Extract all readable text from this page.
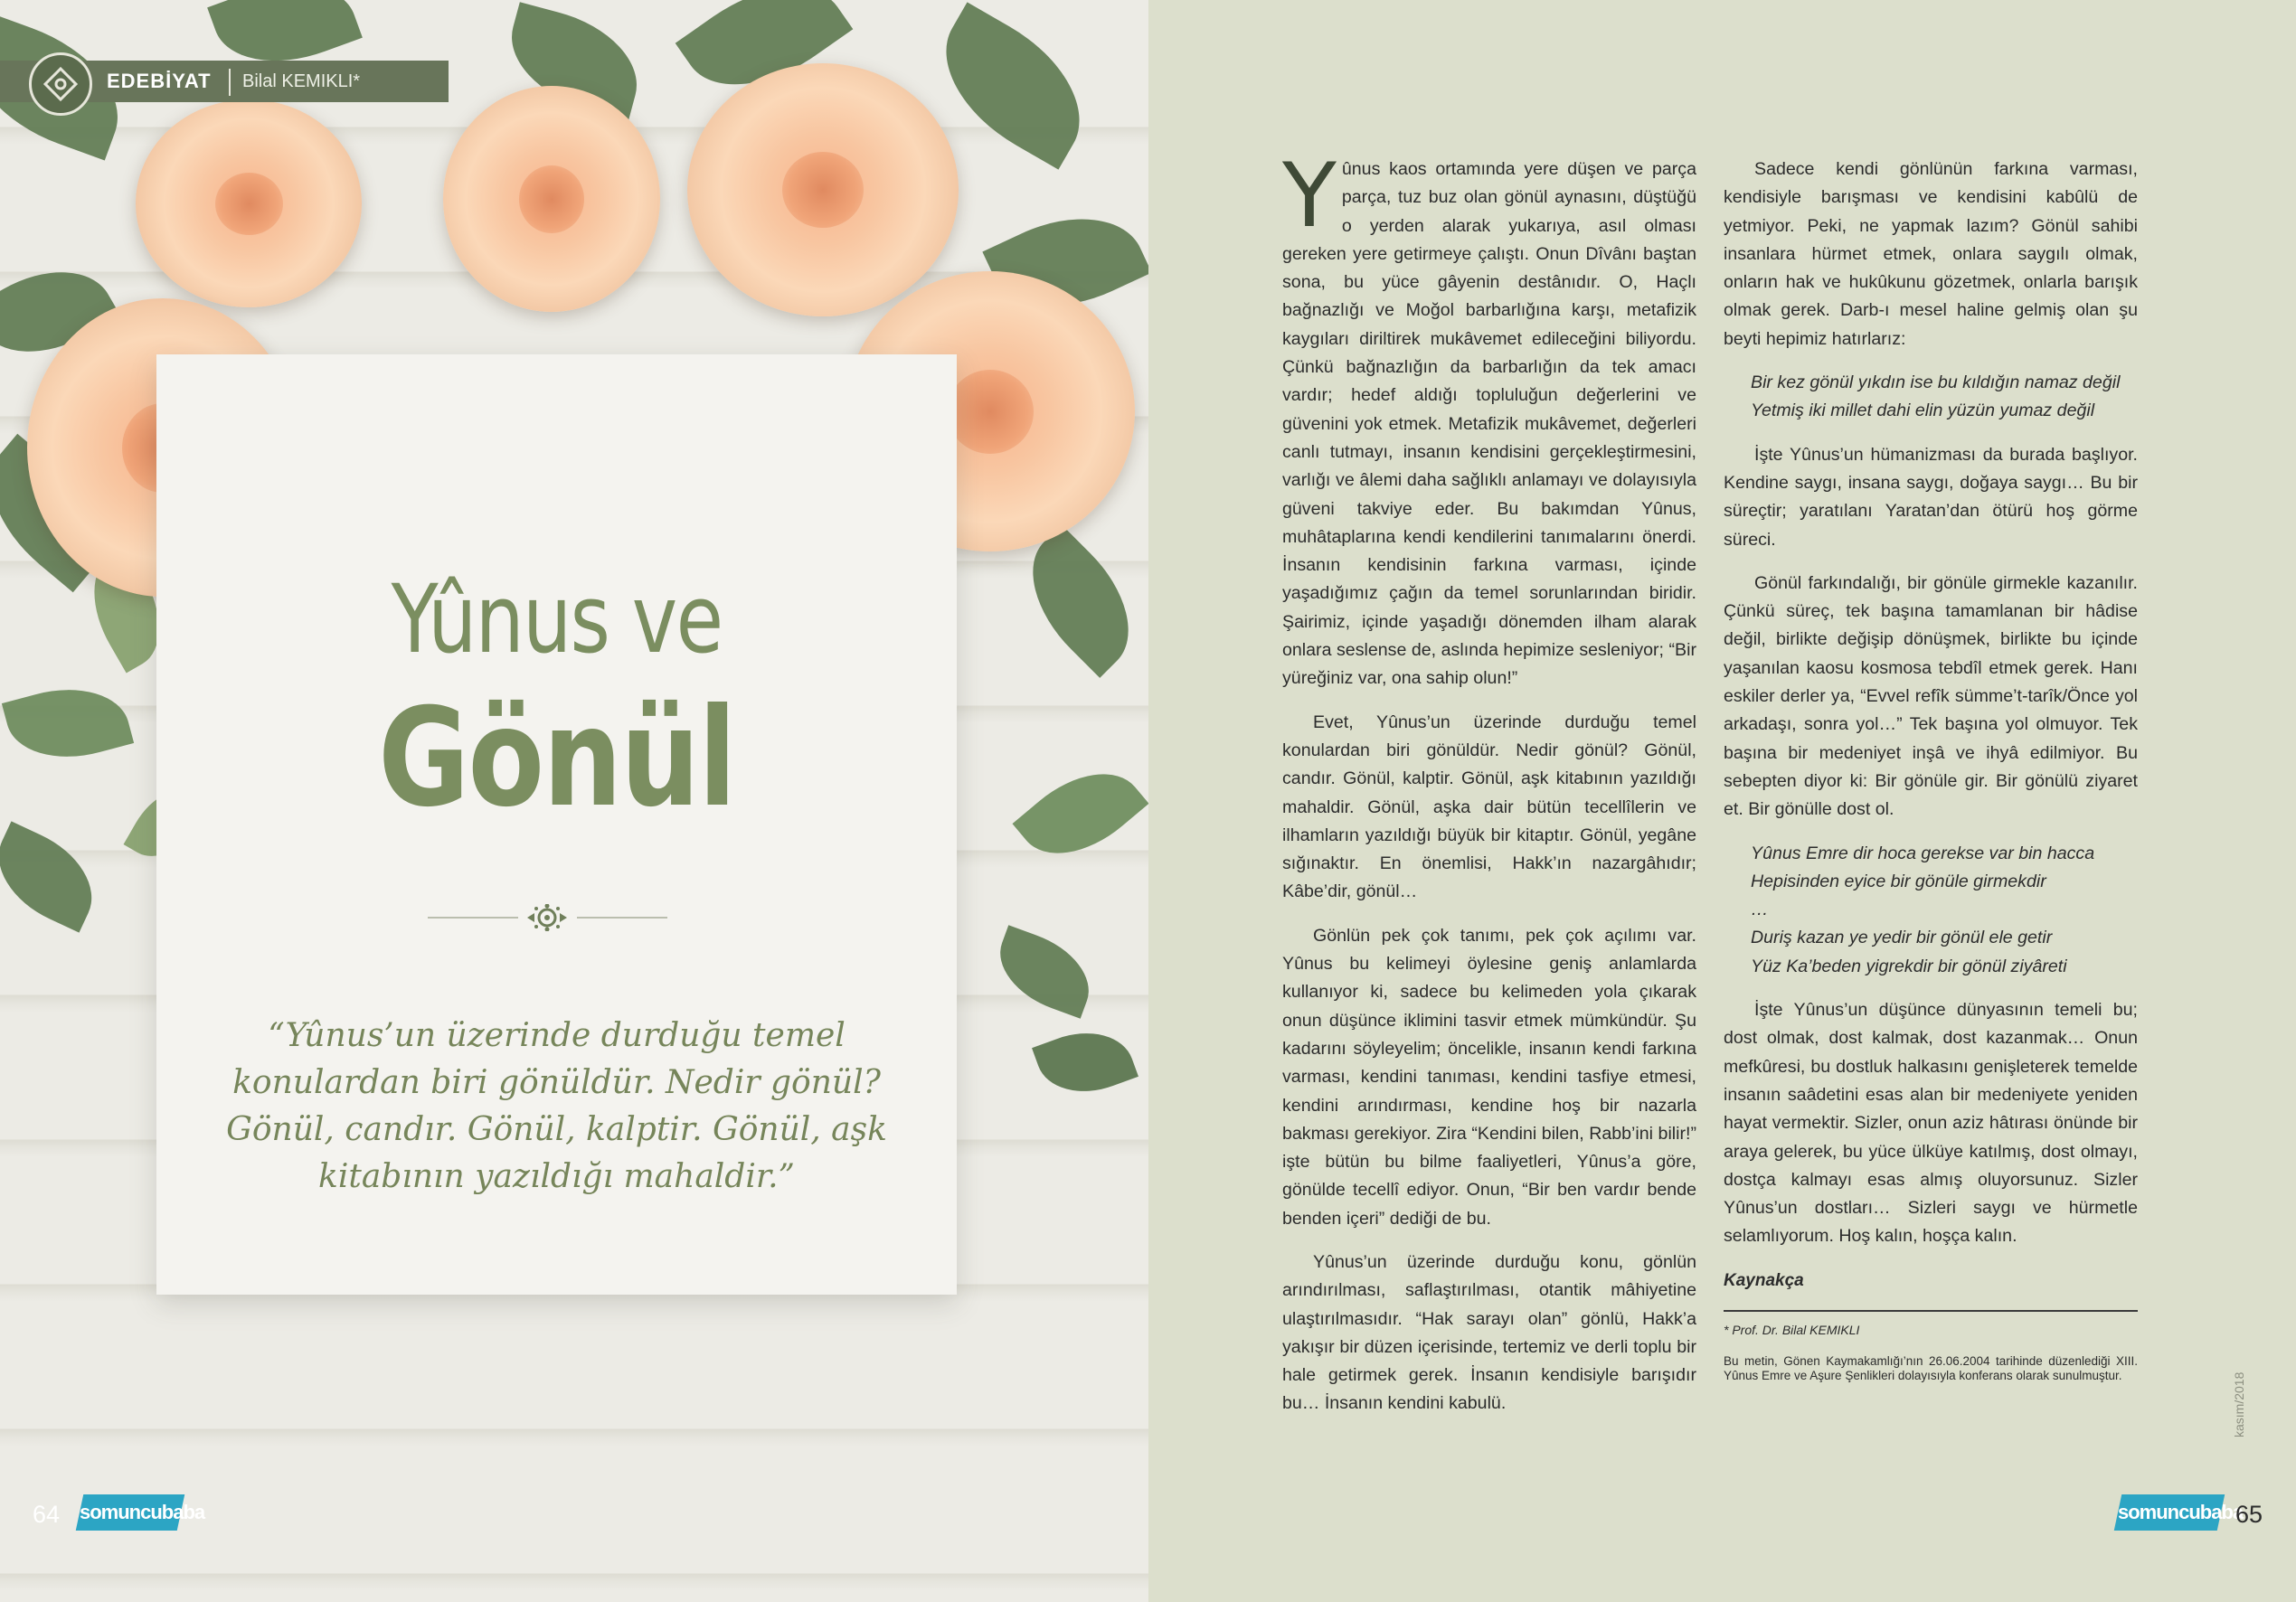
Yûnus ve
Gönül
“Yûnus’un üzerinde durduğu temel konulardan biri gönüldür. Nedir gönül? Gönül, candır. Gönül, kalptir. Gönül, aşk kitabının yazıldığı mahaldir.”
EDEBİYAT Bilal KEMIKLI*
64 somuncubaba

Yûnus kaos ortamında yere düşen ve parça parça, tuz buz olan gönül aynasını, düştüğü o yerden alarak yukarıya, asıl olması gereken yere getirmeye çalıştı. Onun Dîvânı baştan sona, bu yüce gâyenin destânıdır. O, Haçlı bağnazlığı ve Moğol barbarlığına karşı, metafizik kaygıları diriltirek mukâvemet edileceğini biliyordu. Çünkü bağnazlığın da barbarlığın da tek amacı vardır; hedef aldığı topluluğun değerlerini ve güvenini yok etmek. Metafizik mukâvemet, değerleri canlı tutmayı, insanın kendisini gerçekleştirmesini, varlığı ve âlemi daha sağlıklı anlamayı ve dolayısıyla güveni takviye eder. Bu bakımdan Yûnus, muhâtaplarına kendi kendilerini tanımalarını önerdi. İnsanın kendisinin farkına varması, içinde yaşadığımız çağın da temel sorunlarından biridir. Şairimiz, içinde yaşadığı dönemden ilham alarak onlara seslense de, aslında hepimize sesleniyor; “Bir yüreğiniz var, ona sahip olun!”

Evet, Yûnus’un üzerinde durduğu temel konulardan biri gönüldür. Nedir gönül? Gönül, candır. Gönül, kalptir. Gönül, aşk kitabının yazıldığı mahaldir. Gönül, aşka dair bütün tecellîlerin ve ilhamların yazıldığı büyük bir kitaptır. Gönül, yegâne sığınaktır. En önemlisi, Hakk’ın nazargâhıdır; Kâbe’dir, gönül…

Gönlün pek çok tanımı, pek çok açılımı var. Yûnus bu kelimeyi öylesine geniş anlamlarda kullanıyor ki, sadece bu kelimeden yola çıkarak onun düşünce iklimini tasvir etmek mümkündür. Şu kadarını söyleyelim; öncelikle, insanın kendi farkına varması, kendini tanıması, kendini tasfiye etmesi, kendini arındırması, kendine hoş bir nazarla bakması gerekiyor. Zira “Kendini bilen, Rabb’ini bilir!” işte bütün bu bilme faaliyetleri, Yûnus’a göre, gönülde tecellî ediyor. Onun, “Bir ben vardır bende benden içeri” dediği de bu.

Yûnus’un üzerinde durduğu konu, gönlün arındırılması, saflaştırılması, otantik mâhiyetine ulaştırılmasıdır. “Hak sarayı olan” gönlü, Hakk’a yakışır bir düzen içerisinde, tertemiz ve derli toplu bir hale getirmek gerek. İnsanın kendisiyle barışıdır bu… İnsanın kendini kabulü.

Sadece kendi gönlünün farkına varması, kendisiyle barışması ve kendisini kabûlü de yetmiyor. Peki, ne yapmak lazım? Gönül sahibi insanlara hürmet etmek, onlara saygılı olmak, onların hak ve hukûkunu gözetmek, onlarla barışık olmak gerek. Darb-ı mesel haline gelmiş olan şu beyti hepimiz hatırlarız:

Bir kez gönül yıkdın ise bu kıldığın namaz değil
Yetmiş iki millet dahi elin yüzün yumaz değil

İşte Yûnus’un hümanizması da burada başlıyor. Kendine saygı, insana saygı, doğaya saygı… Bu bir süreçtir; yaratılanı Yaratan’dan ötürü hoş görme süreci.

Gönül farkındalığı, bir gönüle girmekle kazanılır. Çünkü süreç, tek başına tamamlanan bir hâdise değil, birlikte değişip dönüşmek, birlikte bu içinde yaşanılan kaosu kosmosa tebdîl etmek gerek. Hanı eskiler derler ya, “Evvel refîk sümme’t-tarîk/Önce yol arkadaşı, sonra yol…” Tek başına yol olmuyor. Tek başına bir medeniyet inşâ ve ihyâ edilmiyor. Bu sebepten diyor ki: Bir gönüle gir. Bir gönülü ziyaret et. Bir gönülle dost ol.

Yûnus Emre dir hoca gerekse var bin hacca
Hepisinden eyice bir gönüle girmekdir
…
Duriş kazan ye yedir bir gönül ele getir
Yüz Ka’beden yigrekdir bir gönül ziyâreti

İşte Yûnus’un düşünce dünyasının temeli bu; dost olmak, dost kalmak, dost kazanmak… Onun mefkûresi, bu dostluk halkasını genişleterek temelde insanın saâdetini esas alan bir medeniyete yeniden hayat vermektir. Sizler, onun aziz hâtırası önünde bir araya gelerek, bu yüce ülküye katılmış, dost olmayı, dostça kalmayı esas almış oluyorsunuz. Sizler Yûnus’un dostları… Sizleri saygı ve hürmetle selamlıyorum. Hoş kalın, hoşça kalın.

Kaynakça

* Prof. Dr. Bilal KEMIKLI

Bu metin, Gönen Kaymakamlığı’nın 26.06.2004 tarihinde düzenlediği XIII. Yûnus Emre ve Aşure Şenlikleri dolayısıyla konferans olarak sunulmuştur.	kasım/2018
somuncubaba
65
